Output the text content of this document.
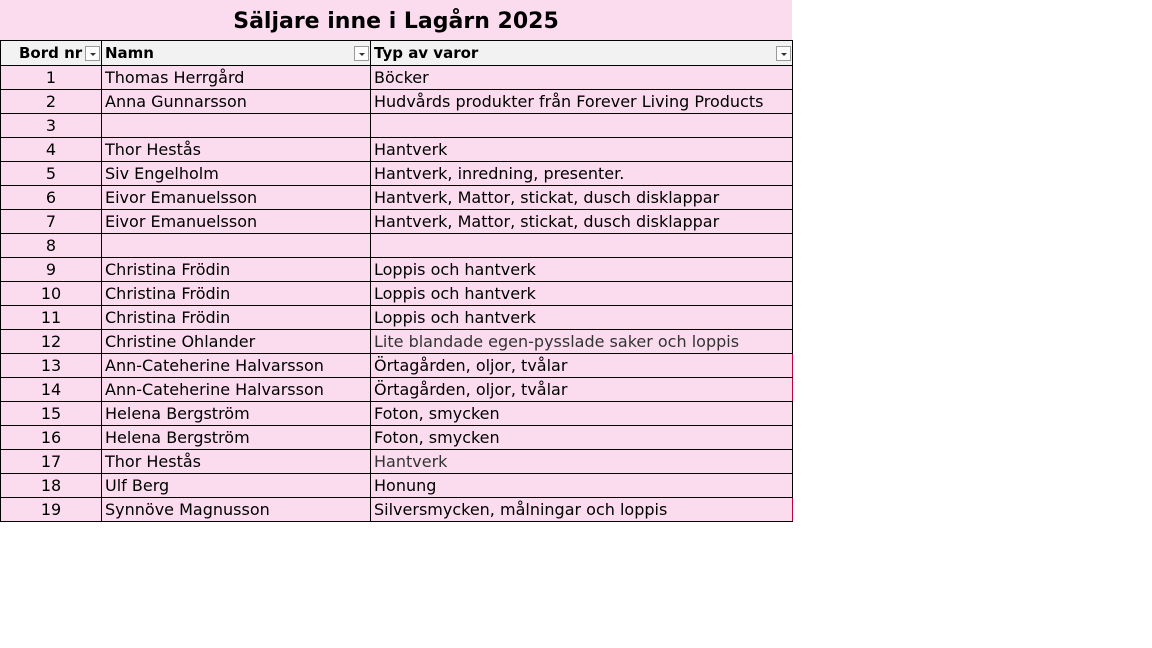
Säljare inne i Lagårn 2025
Bord nr	Namn	Typ av varor

1	Thomas Herrgård	Böcker
2	Anna Gunnarsson	Hudvårds produkter från Forever Living Products
3		
4	Thor Hestås	Hantverk
5	Siv Engelholm	Hantverk, inredning, presenter.
6	Eivor Emanuelsson	Hantverk, Mattor, stickat, dusch disklappar
7	Eivor Emanuelsson	Hantverk, Mattor, stickat, dusch disklappar
8		
9	Christina Frödin	Loppis och hantverk
10	Christina Frödin	Loppis och hantverk
11	Christina Frödin	Loppis och hantverk
12	Christine Ohlander	Lite blandade egen-pysslade saker och loppis
13	Ann-Cateherine Halvarsson	Örtagården, oljor, tvålar
14	Ann-Cateherine Halvarsson	Örtagården, oljor, tvålar
15	Helena Bergström	Foton, smycken
16	Helena Bergström	Foton, smycken
17	Thor Hestås	Hantverk
18	Ulf Berg	Honung
19	Synnöve Magnusson	Silversmycken, målningar och loppis
